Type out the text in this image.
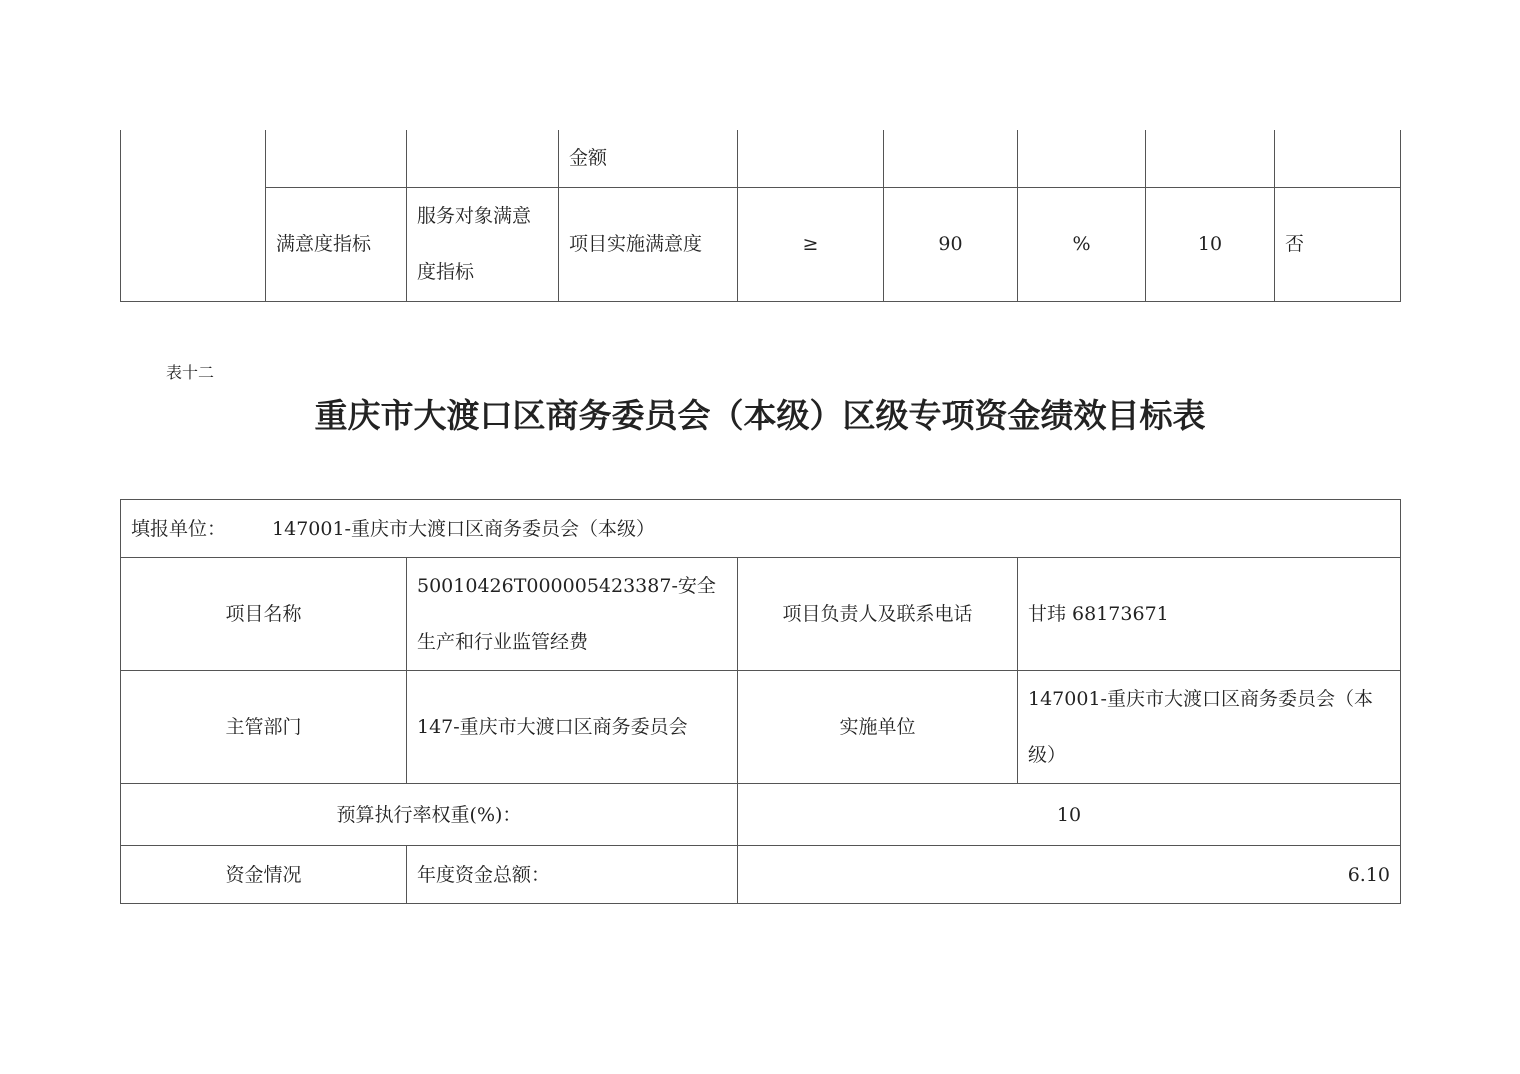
			金额					
	满意度指标	服务对象满意度指标	项目实施满意度	≥	90	%	10	否
表十二
重庆市大渡口区商务委员会（本级）区级专项资金绩效目标表
填报单位： 147001-重庆市大渡口区商务委员会（本级）			
项目名称	50010426T000005423387-安全生产和行业监管经费	项目负责人及联系电话	甘玮 68173671
主管部门	147-重庆市大渡口区商务委员会	实施单位	147001-重庆市大渡口区商务委员会（本级）
预算执行率权重(%)：		10	
资金情况	年度资金总额：	6.10	
